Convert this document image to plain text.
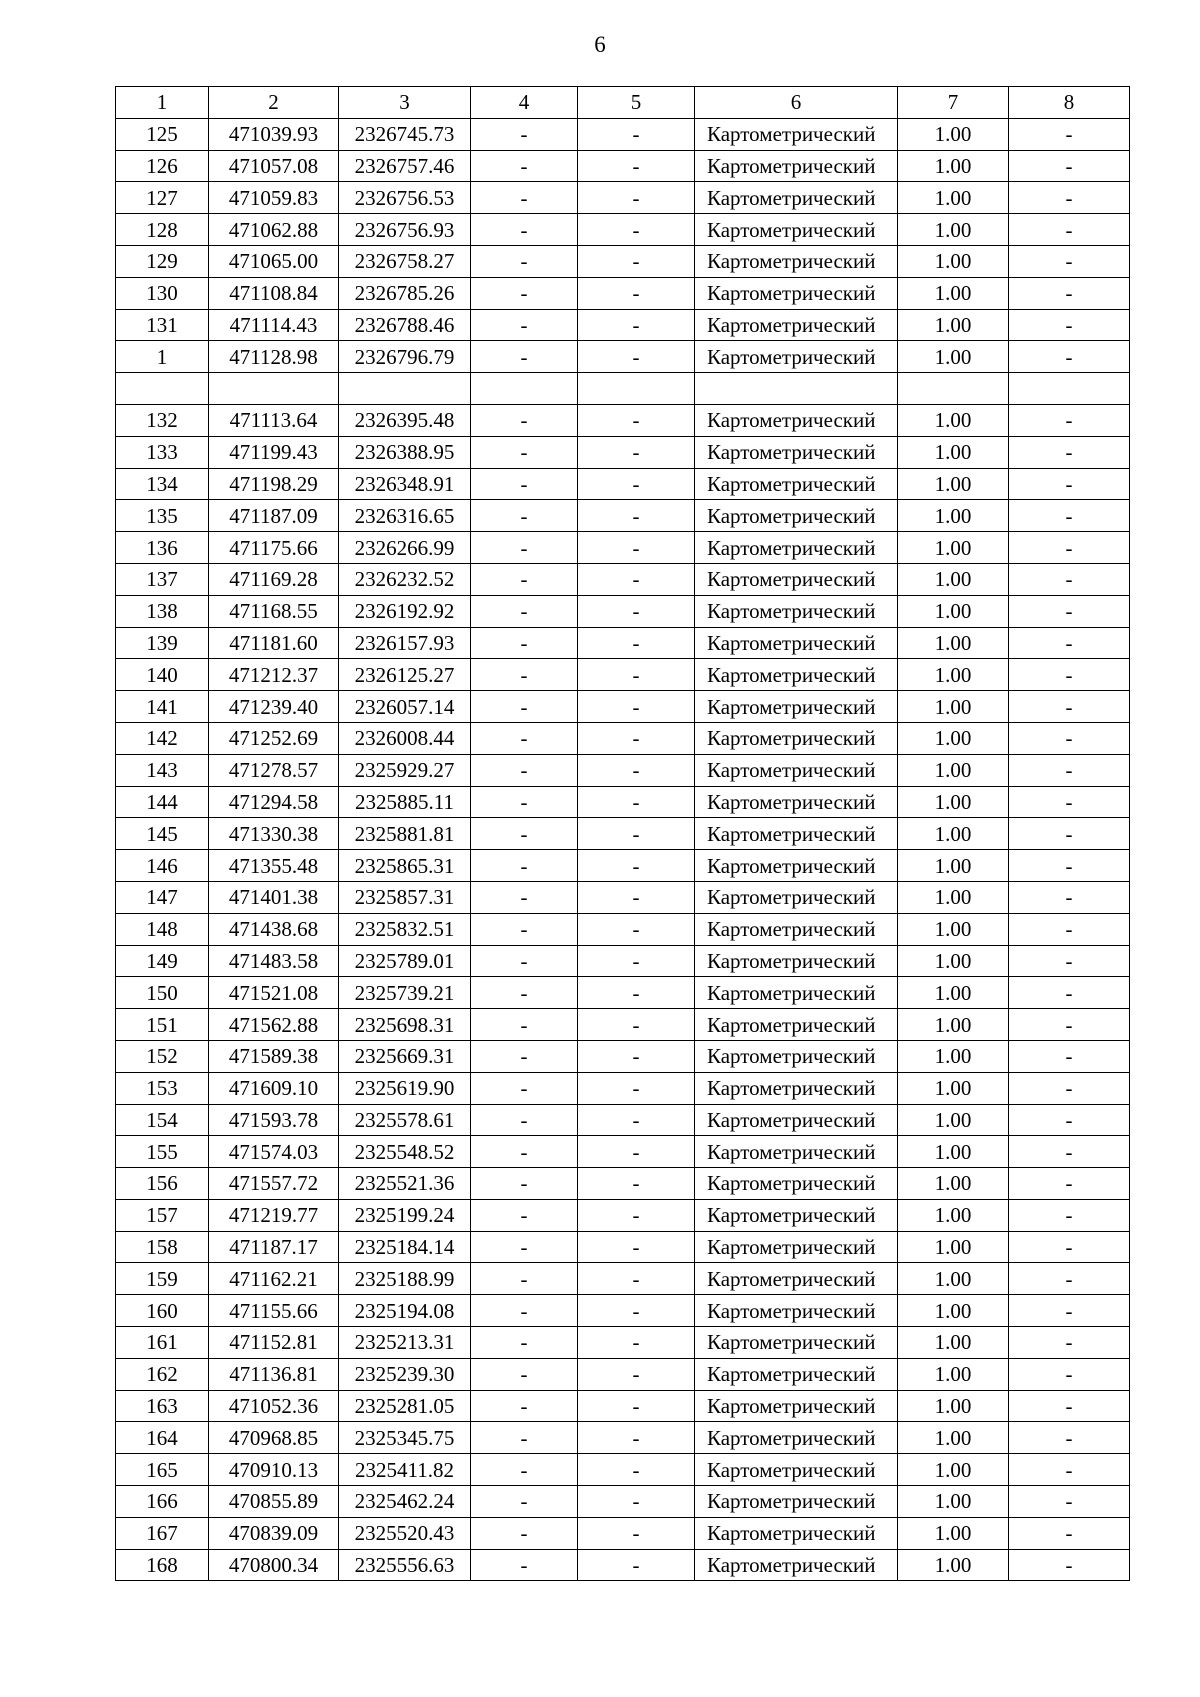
6
1	2	3	4	5	6	7	8
125	471039.93	2326745.73	-	-	Картометрический	1.00	-
126	471057.08	2326757.46	-	-	Картометрический	1.00	-
127	471059.83	2326756.53	-	-	Картометрический	1.00	-
128	471062.88	2326756.93	-	-	Картометрический	1.00	-
129	471065.00	2326758.27	-	-	Картометрический	1.00	-
130	471108.84	2326785.26	-	-	Картометрический	1.00	-
131	471114.43	2326788.46	-	-	Картометрический	1.00	-
1	471128.98	2326796.79	-	-	Картометрический	1.00	-

132	471113.64	2326395.48	-	-	Картометрический	1.00	-
133	471199.43	2326388.95	-	-	Картометрический	1.00	-
134	471198.29	2326348.91	-	-	Картометрический	1.00	-
135	471187.09	2326316.65	-	-	Картометрический	1.00	-
136	471175.66	2326266.99	-	-	Картометрический	1.00	-
137	471169.28	2326232.52	-	-	Картометрический	1.00	-
138	471168.55	2326192.92	-	-	Картометрический	1.00	-
139	471181.60	2326157.93	-	-	Картометрический	1.00	-
140	471212.37	2326125.27	-	-	Картометрический	1.00	-
141	471239.40	2326057.14	-	-	Картометрический	1.00	-
142	471252.69	2326008.44	-	-	Картометрический	1.00	-
143	471278.57	2325929.27	-	-	Картометрический	1.00	-
144	471294.58	2325885.11	-	-	Картометрический	1.00	-
145	471330.38	2325881.81	-	-	Картометрический	1.00	-
146	471355.48	2325865.31	-	-	Картометрический	1.00	-
147	471401.38	2325857.31	-	-	Картометрический	1.00	-
148	471438.68	2325832.51	-	-	Картометрический	1.00	-
149	471483.58	2325789.01	-	-	Картометрический	1.00	-
150	471521.08	2325739.21	-	-	Картометрический	1.00	-
151	471562.88	2325698.31	-	-	Картометрический	1.00	-
152	471589.38	2325669.31	-	-	Картометрический	1.00	-
153	471609.10	2325619.90	-	-	Картометрический	1.00	-
154	471593.78	2325578.61	-	-	Картометрический	1.00	-
155	471574.03	2325548.52	-	-	Картометрический	1.00	-
156	471557.72	2325521.36	-	-	Картометрический	1.00	-
157	471219.77	2325199.24	-	-	Картометрический	1.00	-
158	471187.17	2325184.14	-	-	Картометрический	1.00	-
159	471162.21	2325188.99	-	-	Картометрический	1.00	-
160	471155.66	2325194.08	-	-	Картометрический	1.00	-
161	471152.81	2325213.31	-	-	Картометрический	1.00	-
162	471136.81	2325239.30	-	-	Картометрический	1.00	-
163	471052.36	2325281.05	-	-	Картометрический	1.00	-
164	470968.85	2325345.75	-	-	Картометрический	1.00	-
165	470910.13	2325411.82	-	-	Картометрический	1.00	-
166	470855.89	2325462.24	-	-	Картометрический	1.00	-
167	470839.09	2325520.43	-	-	Картометрический	1.00	-
168	470800.34	2325556.63	-	-	Картометрический	1.00	-
